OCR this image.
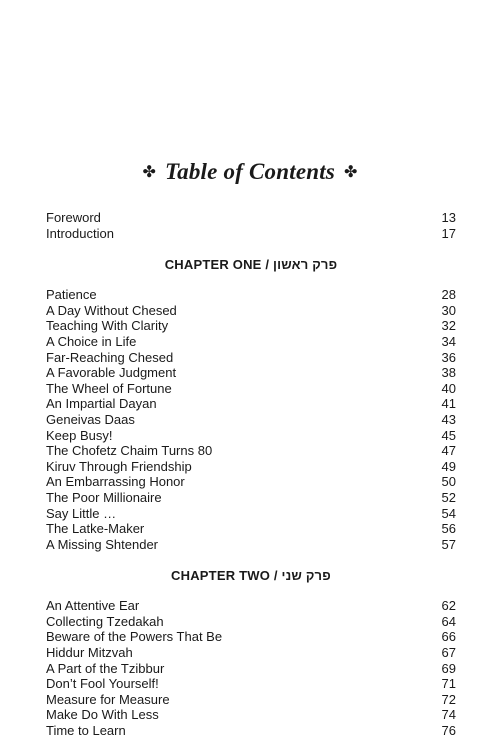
✤ Table of Contents ✤
Foreword	13
Introduction	17
CHAPTER ONE / פרק ראשון
Patience	28
A Day Without Chesed	30
Teaching With Clarity	32
A Choice in Life	34
Far-Reaching Chesed	36
A Favorable Judgment	38
The Wheel of Fortune	40
An Impartial Dayan	41
Geneivas Daas	43
Keep Busy!	45
The Chofetz Chaim Turns 80	47
Kiruv Through Friendship	49
An Embarrassing Honor	50
The Poor Millionaire	52
Say Little …	54
The Latke-Maker	56
A Missing Shtender	57
CHAPTER TWO / פרק שני
An Attentive Ear	62
Collecting Tzedakah	64
Beware of the Powers That Be	66
Hiddur Mitzvah	67
A Part of the Tzibbur	69
Don’t Fool Yourself!	71
Measure for Measure	72
Make Do With Less	74
Time to Learn	76
